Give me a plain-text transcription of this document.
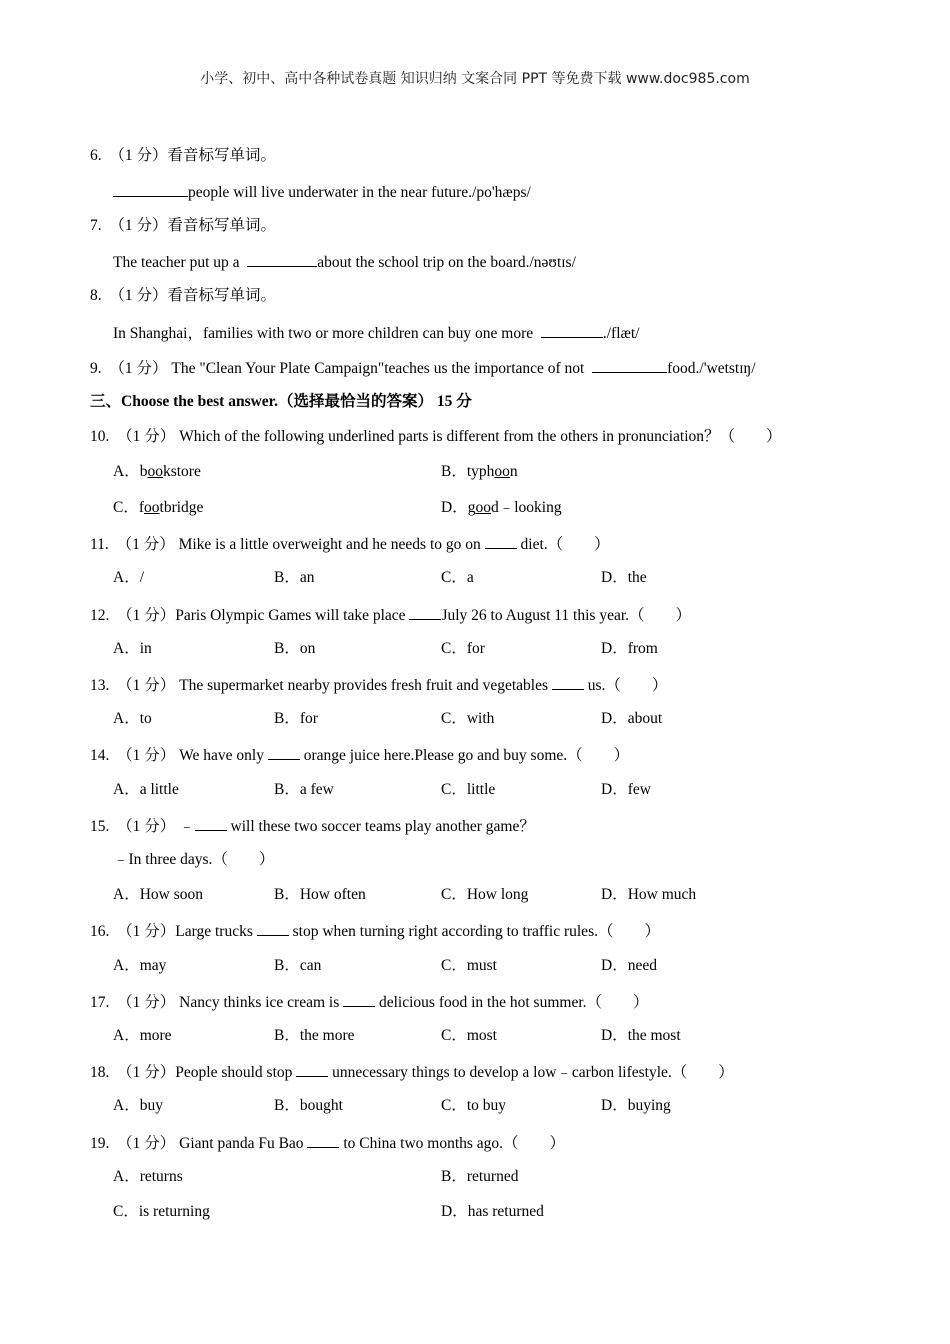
小学、初中、高中各种试卷真题 知识归纳 文案合同 PPT 等免费下载 www.doc985.com
6. （1 分）看音标写单词。
people will live underwater in the near future./po'hæps/
7. （1 分）看音标写单词。
The teacher put up a	about the school trip on the board./nəʊtɪs/
8. （1 分）看音标写单词。
In Shanghai，families with two or more children can buy one more	./flæt/
9. （1 分） The "Clean Your Plate Campaign"teaches us the importance of not	food./'wetstɪŋ/
三、Choose the best answer.（选择最恰当的答案） 15 分
10. （1 分） Which of the following underlined parts is different from the others in pronunciation？（　　）
A．bookstore	B．typhoon
C．footbridge	D．good﹣looking
11. （1 分） Mike is a little overweight and he needs to go on	diet.（　　）
A．/	B．an	C．a	D．the
12. （1 分）Paris Olympic Games will take place July 26 to August 11 this year.（　　）
A．in	B．on	C．for	D．from
13. （1 分） The supermarket nearby provides fresh fruit and vegetables	us.（　　）
A．to	B．for	C．with	D．about
14. （1 分） We have only	orange juice here.Please go and buy some.（　　）
A．a little	B．a few	C．little	D．few
15. （1 分） ﹣ will these two soccer teams play another game？
﹣In three days.（　　）
A．How soon	B．How often	C．How long	D．How much
16. （1 分）Large trucks	stop when turning right according to traffic rules.（　　）
A．may	B．can	C．must	D．need
17. （1 分） Nancy thinks ice cream is	delicious food in the hot summer.（　　）
A．more	B．the more	C．most	D．the most
18. （1 分）People should stop	unnecessary things to develop a low﹣carbon lifestyle.（　　）
A．buy	B．bought	C．to buy	D．buying
19. （1 分） Giant panda Fu Bao	to China two months ago.（　　）
A．returns	B．returned
C．is returning	D．has returned
